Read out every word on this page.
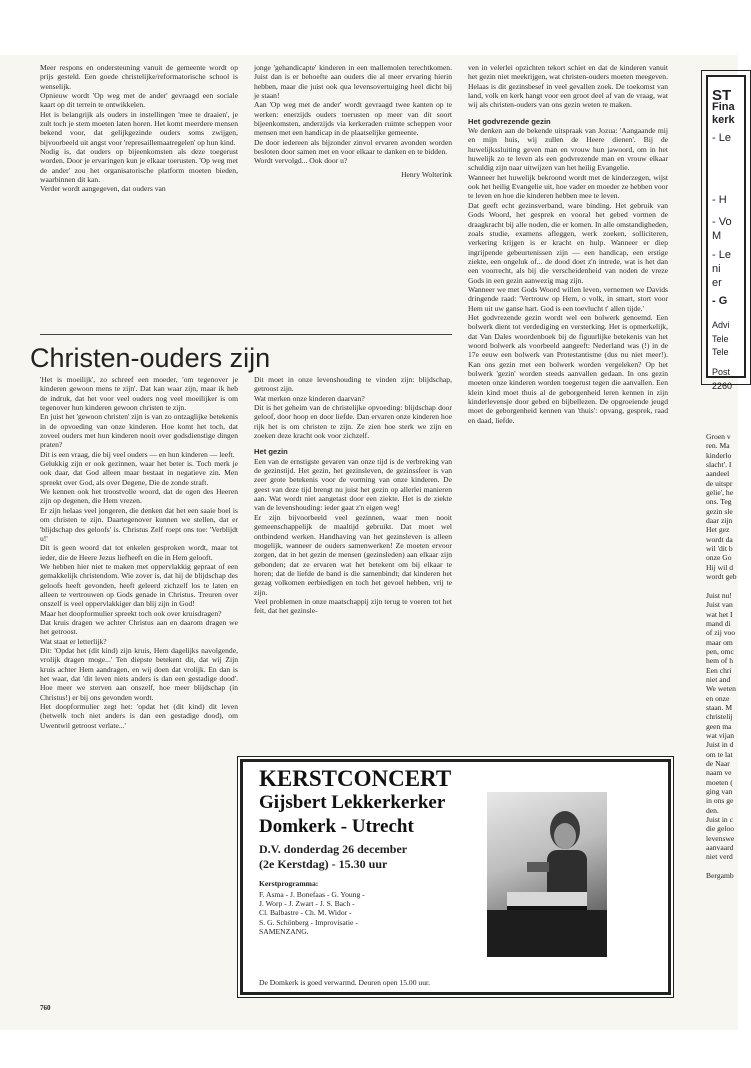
Meer respons en ondersteuning vanuit de gemeente wordt op prijs gesteld. Een goede christelijke/reformatorische school is wenselijk.

Opnieuw wordt 'Op weg met de ander' gevraagd een sociale kaart op dit terrein te ontwikkelen.

Het is belangrijk als ouders in instellingen 'mee te draaien', je zult toch je stem moeten laten horen. Het komt meerdere mensen bekend voor, dat gelijkgezinde ouders soms zwijgen, bijvoorbeeld uit angst voor 'represaillemaatregelen' op hun kind.

Nodig is, dat ouders op bijeenkomsten als deze toegerust worden. Door je ervaringen kun je elkaar toerusten. 'Op weg met de ander' zou het organisatorische platform moeten bieden, waarbinnen dit kan.

Verder wordt aangegeven, dat ouders van

jonge 'gehandicapte' kinderen in een mallemolen terechtkomen. Juist dan is er behoefte aan ouders die al meer ervaring hierin hebben, maar die juist ook qua levensovertuiging heel dicht bij je staan!

Aan 'Op weg met de ander' wordt gevraagd twee kanten op te werken: enerzijds ouders toerusten op meer van dit soort bijeenkomsten, anderzijds via kerkeraden ruimte scheppen voor mensen met een handicap in de plaatselijke gemeente.

De door iedereen als bijzonder zinvol ervaren avonden worden besloten door samen met en voor elkaar te danken en te bidden.

Wordt vervolgd... Ook door u?

Henry Wolterink

ven in velerlei opzichten tekort schiet en dat de kinderen vanuit het gezin niet meekrijgen, wat christen-ouders moeten meegeven. Helaas is dit gezinsbesef in veel gevallen zoek. De toekomst van land, volk en kerk hangt voor een groot deel af van de vraag, wat wij als christen-ouders van ons gezin weten te maken.

Het godvrezende gezin

We denken aan de bekende uitspraak van Jozua: 'Aangaande mij en mijn huis, wij zullen de Heere dienen'. Bij de huwelijkssluiting geven man en vrouw hun jawoord, om in het huwelijk zo te leven als een godvrezende man en vrouw elkaar schuldig zijn naar uitwijzen van het heilig Evangelie.

Wanneer het huwelijk bekroond wordt met de kinderzegen, wijst ook het heilig Evangelie uit, hoe vader en moeder ze hebben voor te leven en hoe die kinderen hebben mee te leven.

Dat geeft echt gezinsverband, ware binding. Het gebruik van Gods Woord, het gesprek en vooral het gebed vormen de draagkracht bij alle noden, die er komen. In alle omstandigheden, zoals studie, examens afleggen, werk zoeken, solliciteren, verkering krijgen is er kracht en hulp. Wanneer er diep ingrijpende gebeurtenissen zijn — een handicap, een erstige ziekte, een ongeluk of... de dood doet z'n intrede, wat is het dan een voorrecht, als bij die verscheidenheid van noden de vreze Gods in een gezin aanwezig mag zijn.

Wanneer we met Gods Woord willen leven, vernemen we Davids dringende raad: 'Vertrouw op Hem, o volk, in smart, stort voor Hem uit uw ganse hart. God is een toevlucht t' allen tijde.'

Het godvrezende gezin wordt wel een bolwerk genoemd. Een bolwerk dient tot verdediging en versterking. Het is opmerkelijk, dat Van Dales woordenboek bij de figuurlijke betekenis van het woord bolwerk als voorbeeld aangeeft: Nederland was (!) in de 17e eeuw een bolwerk van Protestantisme (dus nu niet meer!). Kan ons gezin met een bolwerk worden vergeleken? Op het bolwerk 'gezin' worden steeds aanvallen gedaan. In ons gezin moeten onze kinderen worden toegerust tegen die aanvallen. Een klein kind moet thuis al de geborgenheid leren kennen in zijn kinderlevensje door gebed en bijbellezen. De opgroeiende jeugd moet de geborgenheid kennen van 'thuis': opvang, gesprek, raad en daad, liefde.

Christen-ouders zijn

'Het is moeilijk', zo schreef een moeder, 'om tegenover je kinderen gewoon mens te zijn'. Dat kan waar zijn, maar ik heb de indruk, dat het voor veel ouders nog veel moeilijker is om tegenover hun kinderen gewoon christen te zijn.

En juist het 'gewoon christen' zijn is van zo ontzaglijke betekenis in de opvoeding van onze kinderen. Hoe komt het toch, dat zoveel ouders met hun kinderen nooit over godsdienstige dingen praten?

Dit is een vraag, die bij veel ouders — en hun kinderen — leeft.

Gelukkig zijn er ook gezinnen, waar het beter is. Toch merk je ook daar, dat God alleen maar bestaat in negatieve zin. Men spreekt over God, als over Degene, Die de zonde straft.

We kennen ook het troostvolle woord, dat de ogen des Heeren zijn op degenen, die Hem vrezen.

Er zijn helaas veel jongeren, die denken dat het een saaie boel is om christen te zijn. Daartegenover kunnen we stellen, dat er 'blijdschap des geloofs' is. Christus Zelf roept ons toe: 'Verblijdt u!'

Dit is geen woord dat tot enkelen gesproken wordt, maar tot ieder, die de Heere Jezus liefheeft en die in Hem gelooft.

We hebben hier niet te maken met oppervlakkig gepraat of een gemakkelijk christendom. Wie zover is, dat hij de blijdschap des geloofs heeft gevonden, heeft geleerd zichzelf los te laten en alleen te vertrouwen op Gods genade in Christus. Treuren over onszelf is veel oppervlakkiger dan blij zijn in God!

Maar het doopformulier spreekt toch ook over kruisdragen?

Dat kruis dragen we achter Christus aan en daarom dragen we het getroost.

Wat staat er letterlijk?

Dit: 'Opdat het (dit kind) zijn kruis, Hem dagelijks navolgende, vrolijk dragen moge...' Ten diepste betekent dit, dat wij Zijn kruis achter Hem aandragen, en wij doen dat vrolijk. En dan is het waar, dat 'dit leven niets anders is dan een gestadige dood'. Hoe meer we sterven aan onszelf, hoe meer blijdschap (in Christus!) er bij ons gevonden wordt.

Het doopformulier zegt het: 'opdat het (dit kind) dit leven (hetwelk toch niet anders is dan een gestadige dood), om Uwentwil getroost verlate...'

Dit moet in onze levenshouding te vinden zijn: blijdschap, getroost zijn.

Wat merken onze kinderen daarvan?

Dit is het geheim van de christelijke opvoeding: blijdschap door geloof, door hoop en door liefde. Dan ervaren onze kinderen hoe rijk het is om christen te zijn. Ze zien hoe sterk we zijn en zoeken deze kracht ook voor zichzelf.

Het gezin

Een van de ernstigste gevaren van onze tijd is de verbreking van de gezinstijd. Het gezin, het gezinsleven, de gezinssfeer is van zeer grote betekenis voor de vorming van onze kinderen. De geest van deze tijd brengt nu juist het gezin op allerlei manieren aan. Wat wordt niet aangetast door een ziekte. Het is de ziekte van de levenshouding: ieder gaat z'n eigen weg!

Er zijn bijvoorbeeld veel gezinnen, waar men nooit gemeenschappelijk de maaltijd gebruikt. Dat moet wel ontbindend werken. Handhaving van het gezinsleven is alleen mogelijk, wanneer de ouders samenwerken! Ze moeten ervoor zorgen, dat in het gezin de mensen (gezinsleden) aan elkaar zijn gebonden; dat ze ervaren wat het betekent om bij elkaar te horen; dat de liefde de band is die samenbindt; dat kinderen het gezag volkomen eerbiedigen en toch het gevoel hebben, vrij te zijn.

Veel problemen in onze maatschappij zijn terug te voeren tot het feit, dat het gezinsle-

KERSTCONCERT
Gijsbert Lekkerkerker
Domkerk - Utrecht
D.V. donderdag 26 december
(2e Kerstdag) - 15.30 uur
Kerstprogramma:
F. Asma - J. Bonefaas - G. Young -
J. Worp - J. Zwart - J. S. Bach -
Cl. Balbastre - Ch. M. Widor -
S. G. Schönberg - Improvisatie -
SAMENZANG.
De Domkerk is goed verwarmd. Deuren open 15.00 uur.
ST
Fina
kerk
- Le
- H
- Vo
M
- Le
ni
er
- G
Advi
Tele
Tele
Post
2260
Groen v
ren. Ma
kinderlo
slacht'. I
aandeel
de uitspr
gelie', he
ons. Teg
gezin sle
daar zijn
Het gez
wordt da
wil 'dit b
onze Go
Hij wil d
wordt geb
Juist nu!
Juist van
wat het I
mand di
of zij voo
maar om
pen, omc
hem of h
Een chri
niet and
We weten
en onze
staan. M
christelij
geen ma
wat vijan
Juist in d
om te lat
de Naar
naam ve
moeten (
ging van
in ons ge
den.
Juist in c
die geloo
levenswe
aanvaard
niet verd
Bergamb
760
